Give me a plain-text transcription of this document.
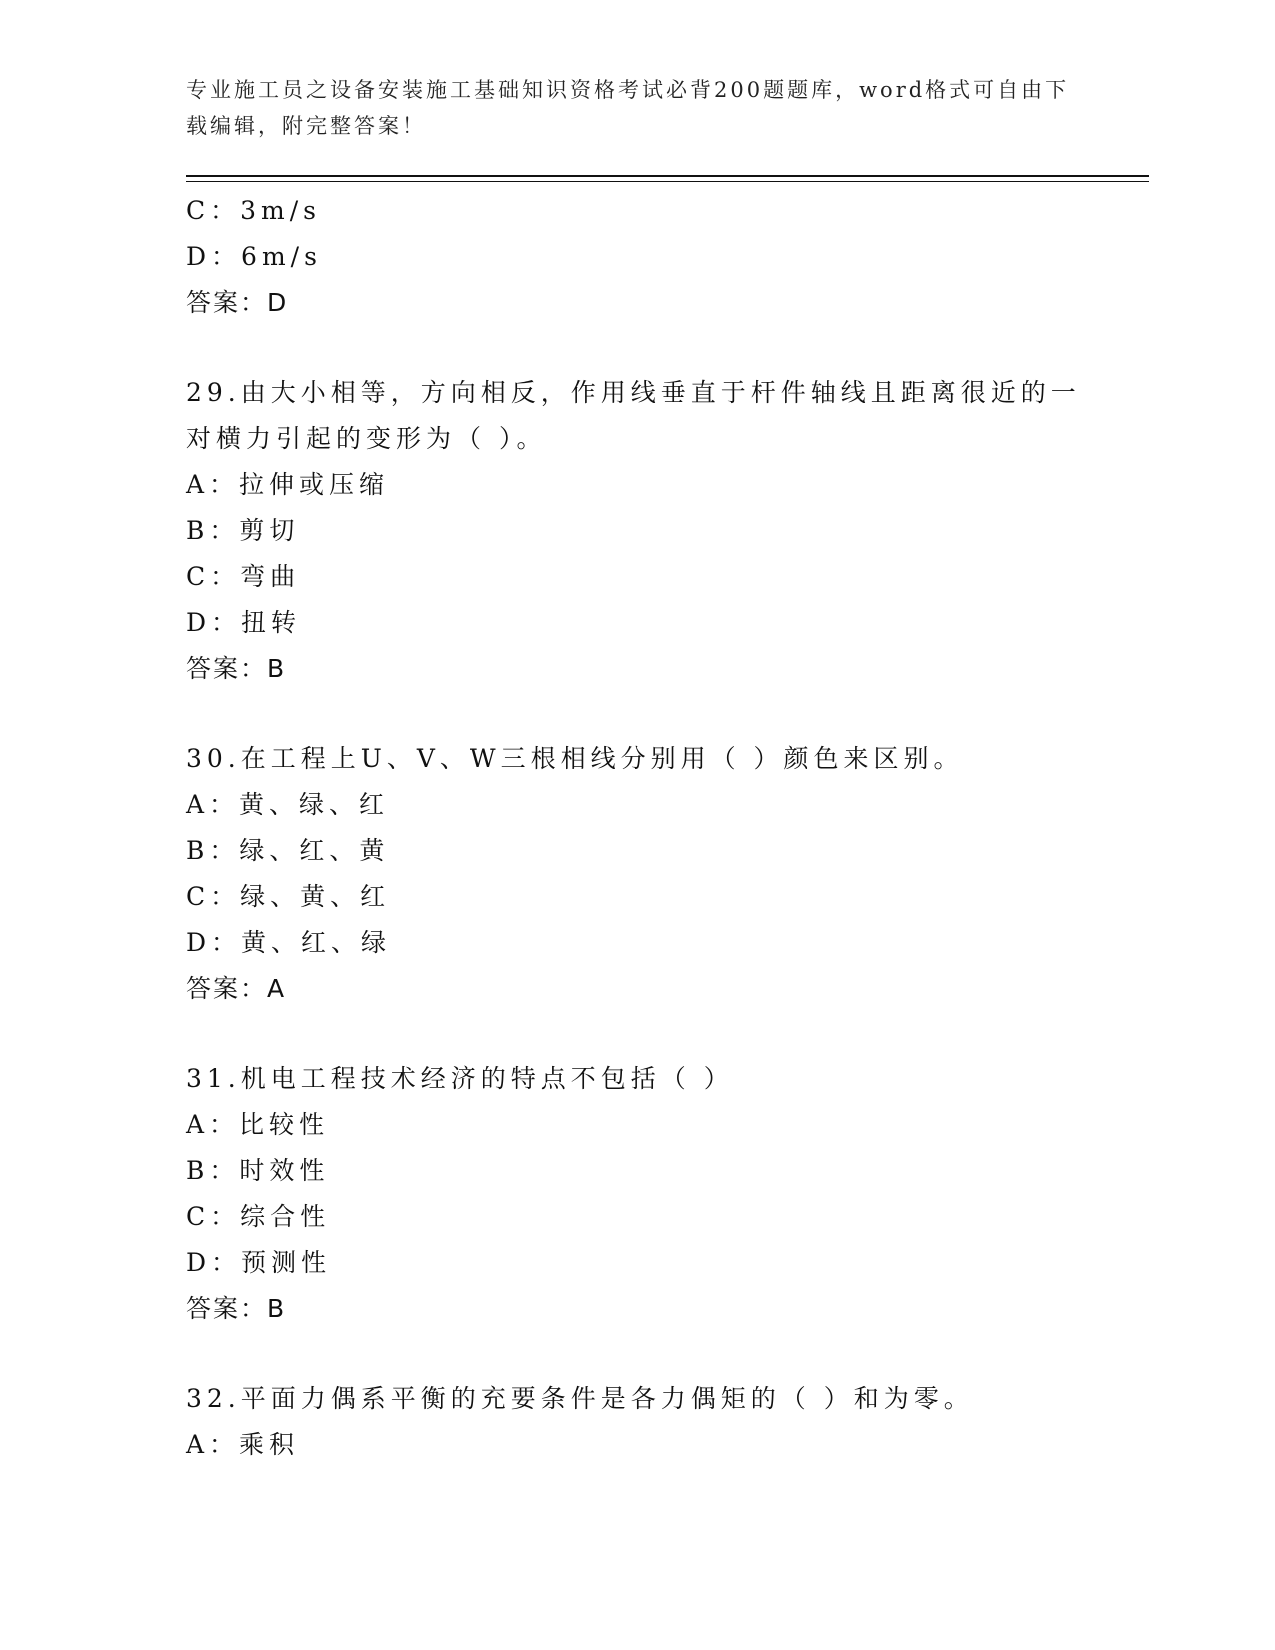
专业施工员之设备安装施工基础知识资格考试必背200题题库，word格式可自由下载编辑，附完整答案！
C：3m/s
D：6m/s
答案：D
29.由大小相等，方向相反，作用线垂直于杆件轴线且距离很近的一对横力引起的变形为（ ）。
A：拉伸或压缩
B：剪切
C：弯曲
D：扭转
答案：B
30.在工程上U、V、W三根相线分别用（ ）颜色来区别。
A：黄、绿、红
B：绿、红、黄
C：绿、黄、红
D：黄、红、绿
答案：A
31.机电工程技术经济的特点不包括（ ）
A：比较性
B：时效性
C：综合性
D：预测性
答案：B
32.平面力偶系平衡的充要条件是各力偶矩的（ ）和为零。
A：乘积
